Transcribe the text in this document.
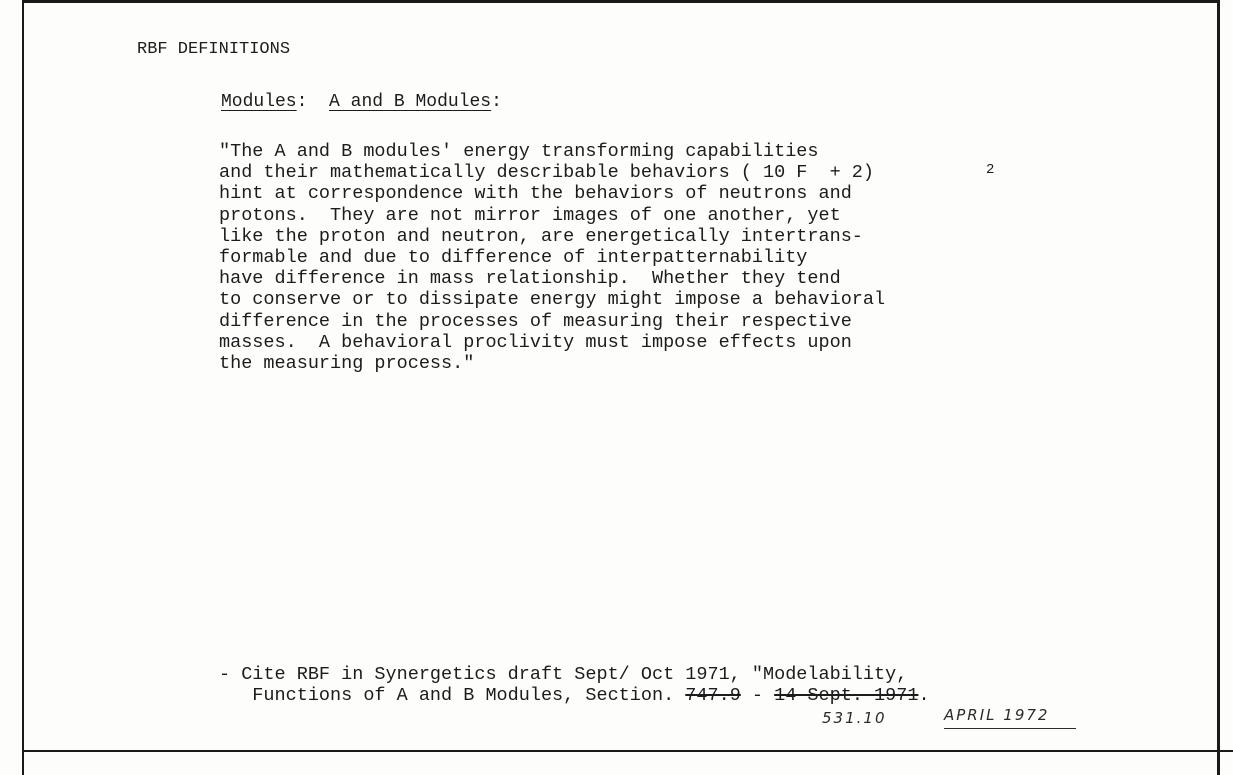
RBF DEFINITIONS
Modules: A and B Modules:
"The A and B modules' energy transforming capabilities
and their mathematically describable behaviors ( 10 F  + 2)
hint at correspondence with the behaviors of neutrons and
protons.  They are not mirror images of one another, yet
like the proton and neutron, are energetically intertrans-
formable and due to difference of interpatternability
have difference in mass relationship.  Whether they tend
to conserve or to dissipate energy might impose a behavioral
difference in the processes of measuring their respective
masses.  A behavioral proclivity must impose effects upon
the measuring process."
2
- Cite RBF in Synergetics draft Sept/ Oct 1971, "Modelability,
Functions of A and B Modules, Section. 747.9 - 14 Sept. 1971.
531.10	APRIL 1972
